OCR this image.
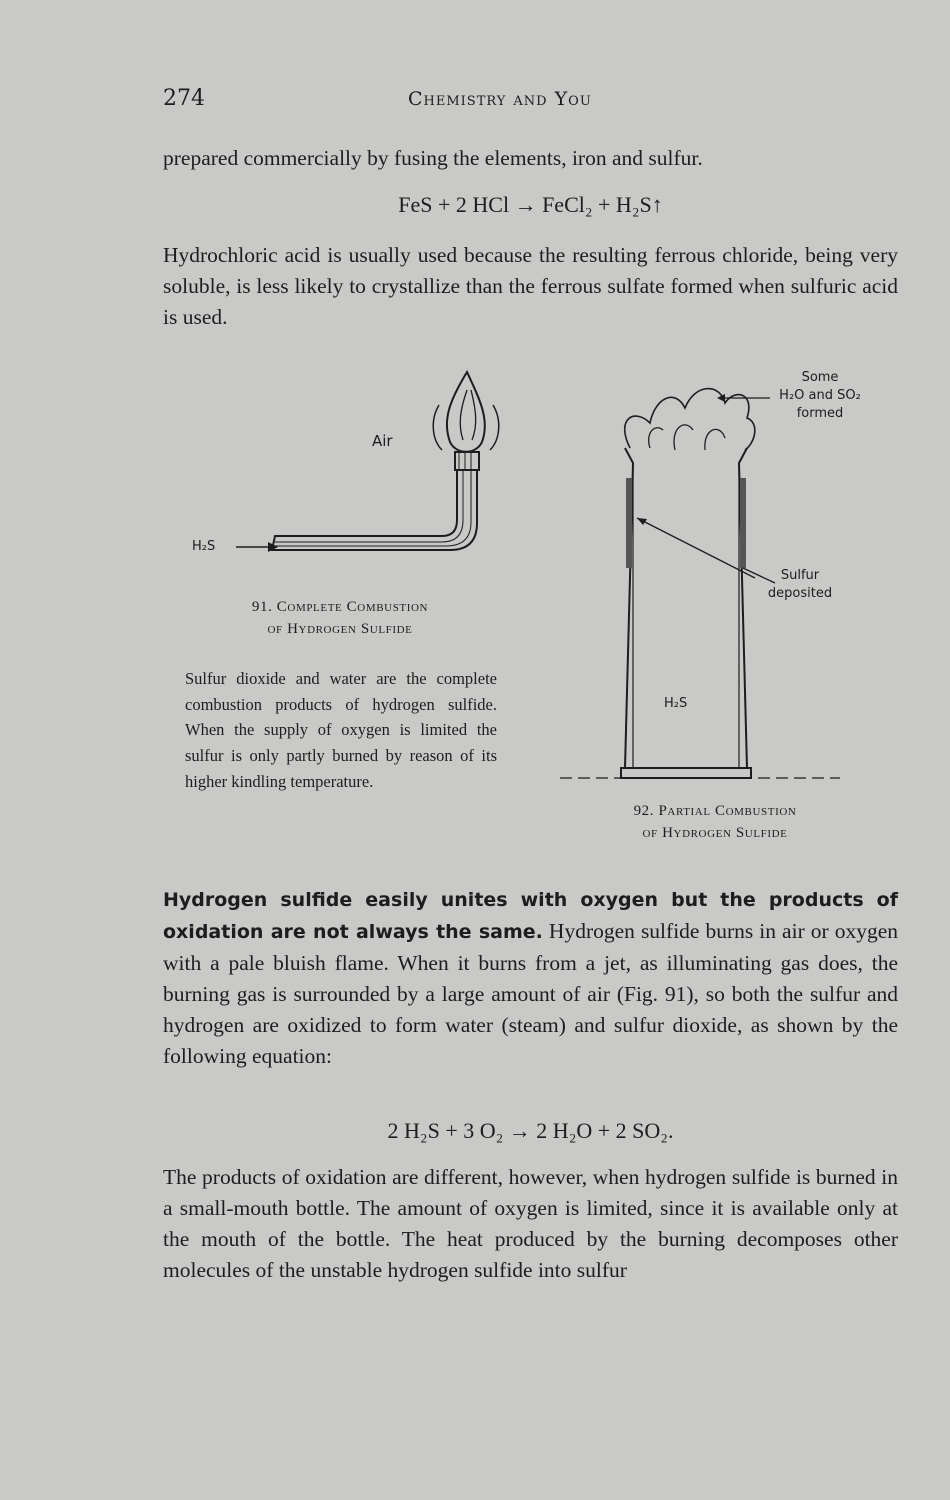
274	Chemistry and You
prepared commercially by fusing the elements, iron and sulfur.
FeS + 2 HCl → FeCl₂ + H₂S↑
Hydrochloric acid is usually used because the resulting ferrous chloride, being very soluble, is less likely to crystallize than the ferrous sulfate formed when sulfuric acid is used.
Air
H₂S
91. Complete Combustion
of Hydrogen Sulfide
Sulfur dioxide and water are the complete combustion products of hydrogen sulfide. When the supply of oxygen is limited the sulfur is only partly burned by reason of its higher kindling temperature.
Some
H₂O and SO₂
formed
Sulfur
deposited
H₂S
92. Partial Combustion
of Hydrogen Sulfide
Hydrogen sulfide easily unites with oxygen but the products of oxidation are not always the same. Hydrogen sulfide burns in air or oxygen with a pale bluish flame. When it burns from a jet, as illuminating gas does, the burning gas is surrounded by a large amount of air (Fig. 91), so both the sulfur and hydrogen are oxidized to form water (steam) and sulfur dioxide, as shown by the following equation:
2 H₂S + 3 O₂ → 2 H₂O + 2 SO₂.
The products of oxidation are different, however, when hydrogen sulfide is burned in a small-mouth bottle. The amount of oxygen is limited, since it is available only at the mouth of the bottle. The heat produced by the burning decomposes other molecules of the unstable hydrogen sulfide into sulfur
